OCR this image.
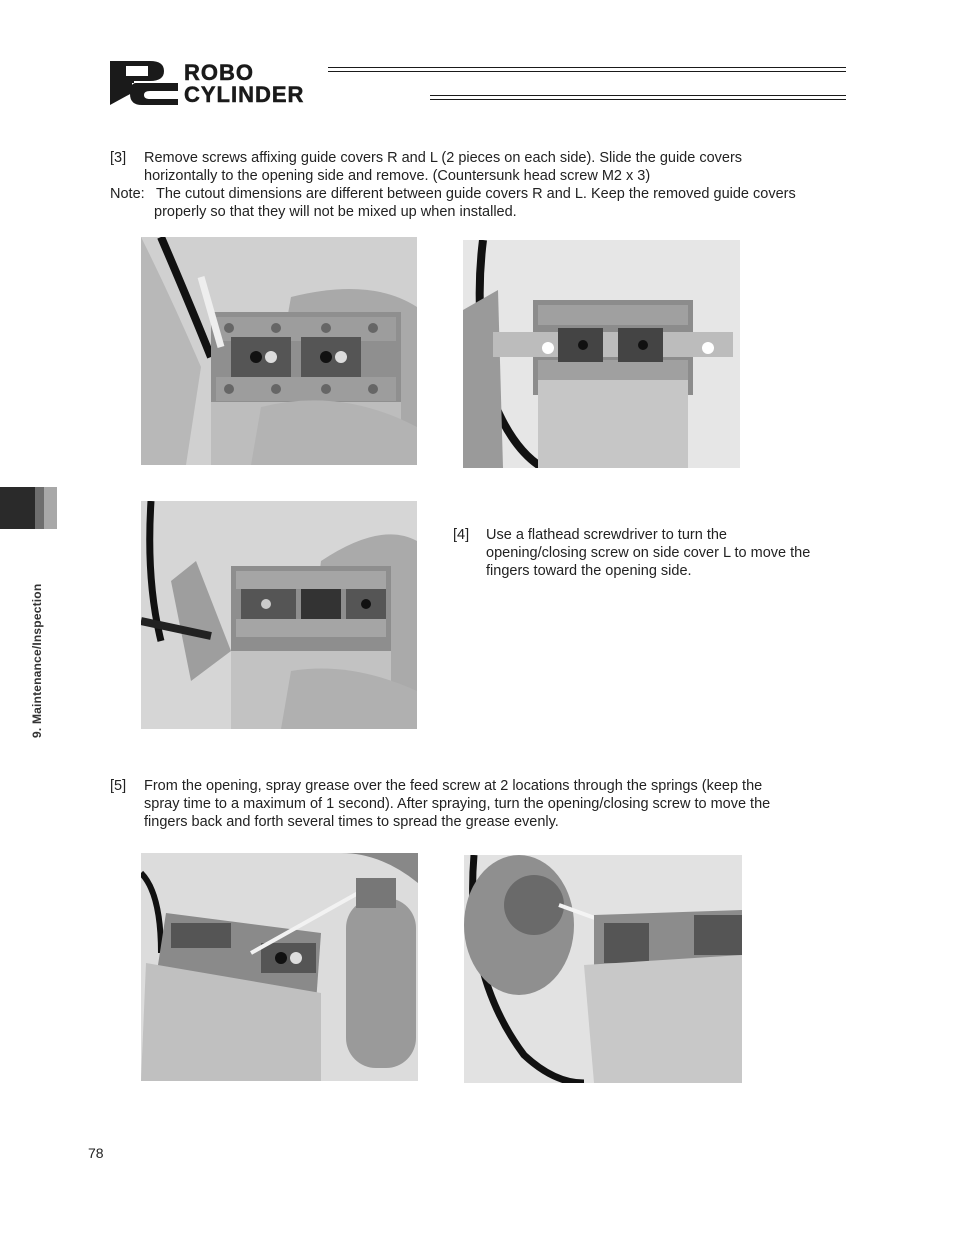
ROBO
CYLINDER
[3] Remove screws affixing guide covers R and L (2 pieces on each side). Slide the guide covers
horizontally to the opening side and remove. (Countersunk head screw M2 x 3)
Note: The cutout dimensions are different between guide covers R and L. Keep the removed guide covers
properly so that they will not be mixed up when installed.
[4] Use a flathead screwdriver to turn the
opening/closing screw on side cover L to move the
fingers toward the opening side.
[5] From the opening, spray grease over the feed screw at 2 locations through the springs (keep the
spray time to a maximum of 1 second). After spraying, turn the opening/closing screw to move the
fingers back and forth several times to spread the grease evenly.
9. Maintenance/Inspection
78
